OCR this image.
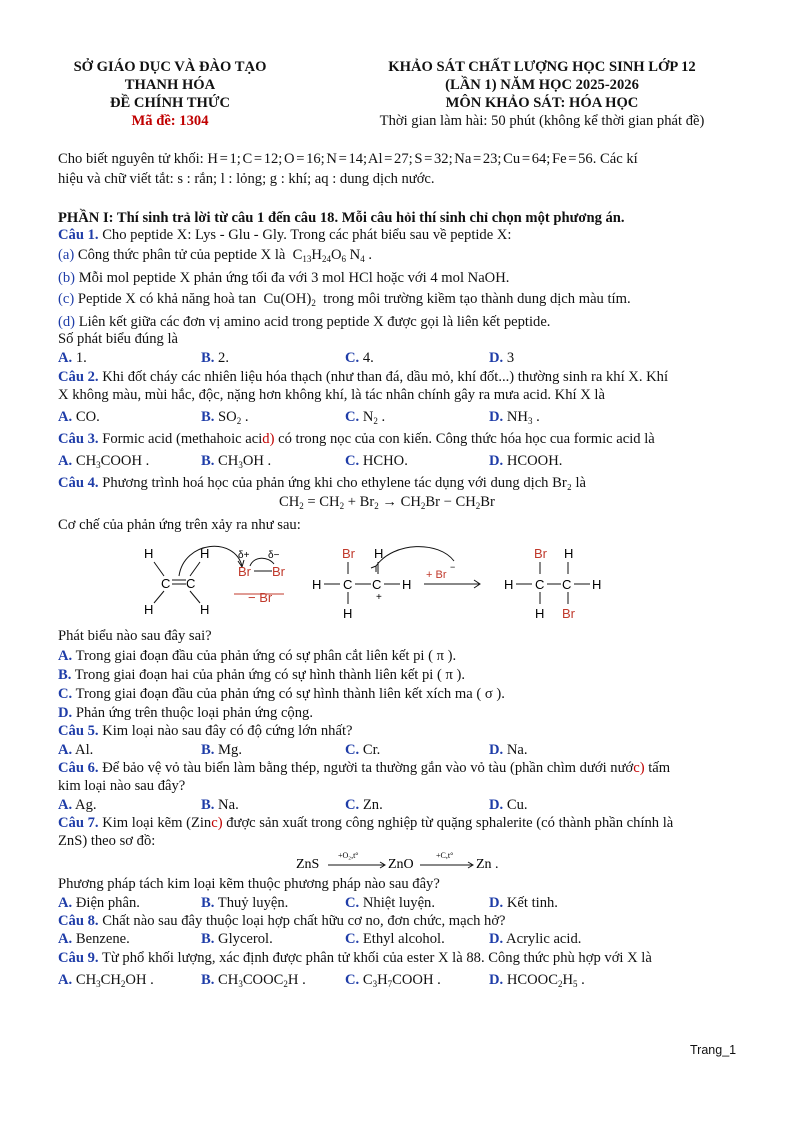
SỞ GIÁO DỤC VÀ ĐÀO TẠO
THANH HÓA
ĐỀ CHÍNH THỨC
Mã đề: 1304
KHẢO SÁT CHẤT LƯỢNG HỌC SINH LỚP 12
(LẦN 1) NĂM HỌC 2025-2026
MÔN KHẢO SÁT: HÓA HỌC
Thời gian làm hài: 50 phút (không kể thời gian phát đề)
Cho biết nguyên tử khối: H = 1; C = 12; O = 16; N = 14; Al = 27; S = 32; Na = 23; Cu = 64; Fe = 56. Các kí
hiệu và chữ viết tắt: s : rắn; l : lỏng; g : khí; aq : dung dịch nước.
PHẦN I: Thí sinh trả lời từ câu 1 đến câu 18. Mỗi câu hỏi thí sinh chỉ chọn một phương án.
Câu 1. Cho peptide X: Lys - Glu - Gly. Trong các phát biểu sau về peptide X:
(a) Công thức phân tử của peptide X là  $C_{13}H_{24}O_6$ $N_4$ .
(b) Mỗi mol peptide X phản ứng tối đa với 3 mol HCl hoặc với 4 mol NaOH.
(c) Peptide X có khả năng hoà $\tan Cu(OH)_2$ trong môi trường kiềm tạo thành dung dịch màu tím.
(d) Liên kết giữa các đơn vị amino acid trong peptide X được gọi là liên kết peptide.
Số phát biểu đúng là
A. 1.	B. 2.	C. 4.	D. 3
Câu 2. Khi đốt cháy các nhiên liệu hóa thạch (như than đá, dầu mỏ, khí đốt...) thường sinh ra khí X. Khí
X không màu, mùi hắc, độc, nặng hơn không khí, là tác nhân chính gây ra mưa acid. Khí X là
A. CO.	B. $SO_2$ .	C. $N_2$ .	D. $NH_3$ .
Câu 3. Formic acid (methahoic acid) có trong nọc của con kiến. Công thức hóa học cua formic acid là
A. $CH_3COOH$ .	B. $CH_3OH$ .	C. HCHO.	D. HCOOH.
Câu 4. Phương trình hoá học của phản ứng khi cho ethylene tác dụng với dung dịch Br₂ là
$CH_2 = CH_2 + Br_2 \to CH_2Br - CH_2Br$
Cơ chế của phản ứng trên xảy ra như sau:
H	H
C C
H	H
δ+ δ−
Br Br
− Br
Br H
H C C H
+
H
+ Br
−
Br H
H C C H
H Br
Phát biểu nào sau đây sai?
A. Trong giai đoạn đầu của phản ứng có sự phân cắt liên kết pi ( π ).
B. Trong giai đoạn hai của phản ứng có sự hình thành liên kết pi ( π ).
C. Trong giai đoạn đầu của phản ứng có sự hình thành liên kết xích ma ( σ ).
D. Phản ứng trên thuộc loại phản ứng cộng.
Câu 5. Kim loại nào sau đây có độ cứng lớn nhất?
A. Al.	B. Mg.	C. Cr.	D. Na.
Câu 6. Để bảo vệ vỏ tàu biển làm bằng thép, người ta thường gắn vào vỏ tàu (phần chìm dưới nước) tấm
kim loại nào sau đây?
A. Ag.	B. Na.	C. Zn.	D. Cu.
Câu 7. Kim loại kẽm (Zinc) được sản xuất trong công nghiệp từ quặng sphalerite (có thành phần chính là
ZnS) theo sơ đồ:
ZnS
+O₂,t°
ZnO
+C,t°
Zn .
Phương pháp tách kim loại kẽm thuộc phương pháp nào sau đây?
A. Điện phân.	B. Thuỷ luyện.	C. Nhiệt luyện.	D. Kết tinh.
Câu 8. Chất nào sau đây thuộc loại hợp chất hữu cơ no, đơn chức, mạch hở?
A. Benzene.	B. Glycerol.	C. Ethyl alcohol.	D. Acrylic acid.
Câu 9. Từ phổ khối lượng, xác định được phân tử khối của ester X là 88. Công thức phù hợp với X là
A. $CH_3CH_2OH$ .	B. $CH_3COOC_2H$ .	C. $C_3H_7COOH$ .	D. $HCOOC_2H_5$ .
Trang_1
